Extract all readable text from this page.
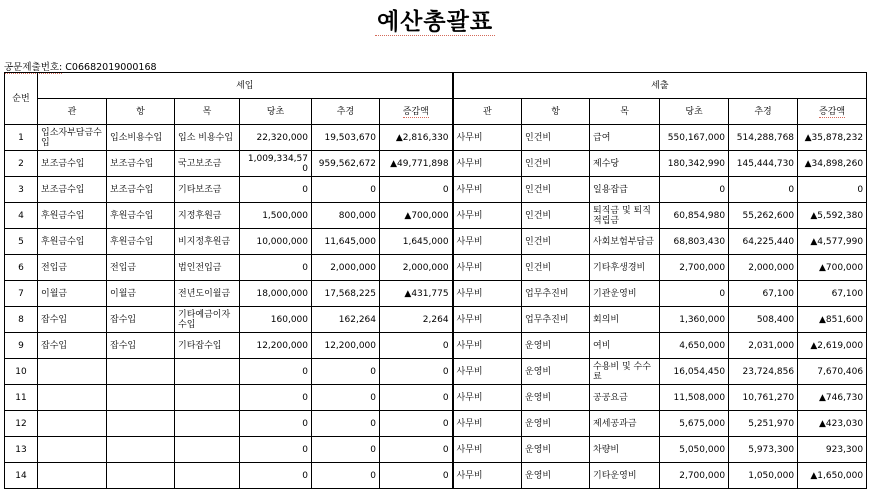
예산총괄표
공문제출번호: C06682019000168
순번	세입						세출					
	관	항	목	당초	추경	증감액	관	항	목	당초	추경	증감액
1	입소자부담금수입	입소비용수입	입소 비용수입	22,320,000	19,503,670	▲2,816,330	사무비	인건비	급여	550,167,000	514,288,768	▲35,878,232
2	보조금수입	보조금수입	국고보조금	1,009,334,570	959,562,672	▲49,771,898	사무비	인건비	제수당	180,342,990	145,444,730	▲34,898,260
3	보조금수입	보조금수입	기타보조금	0	0	0	사무비	인건비	일용잡급	0	0	0
4	후원금수입	후원금수입	지정후원금	1,500,000	800,000	▲700,000	사무비	인건비	퇴직금 및 퇴직적립금	60,854,980	55,262,600	▲5,592,380
5	후원금수입	후원금수입	비지정후원금	10,000,000	11,645,000	1,645,000	사무비	인건비	사회보험부담금	68,803,430	64,225,440	▲4,577,990
6	전입금	전입금	법인전입금	0	2,000,000	2,000,000	사무비	인건비	기타후생경비	2,700,000	2,000,000	▲700,000
7	이월금	이월금	전년도이월금	18,000,000	17,568,225	▲431,775	사무비	업무추진비	기관운영비	0	67,100	67,100
8	잡수입	잡수입	기타예금이자수입	160,000	162,264	2,264	사무비	업무추진비	회의비	1,360,000	508,400	▲851,600
9	잡수입	잡수입	기타잡수입	12,200,000	12,200,000	0	사무비	운영비	여비	4,650,000	2,031,000	▲2,619,000
10				0	0	0	사무비	운영비	수용비 및 수수료	16,054,450	23,724,856	7,670,406
11				0	0	0	사무비	운영비	공공요금	11,508,000	10,761,270	▲746,730
12				0	0	0	사무비	운영비	제세공과금	5,675,000	5,251,970	▲423,030
13				0	0	0	사무비	운영비	차량비	5,050,000	5,973,300	923,300
14				0	0	0	사무비	운영비	기타운영비	2,700,000	1,050,000	▲1,650,000
